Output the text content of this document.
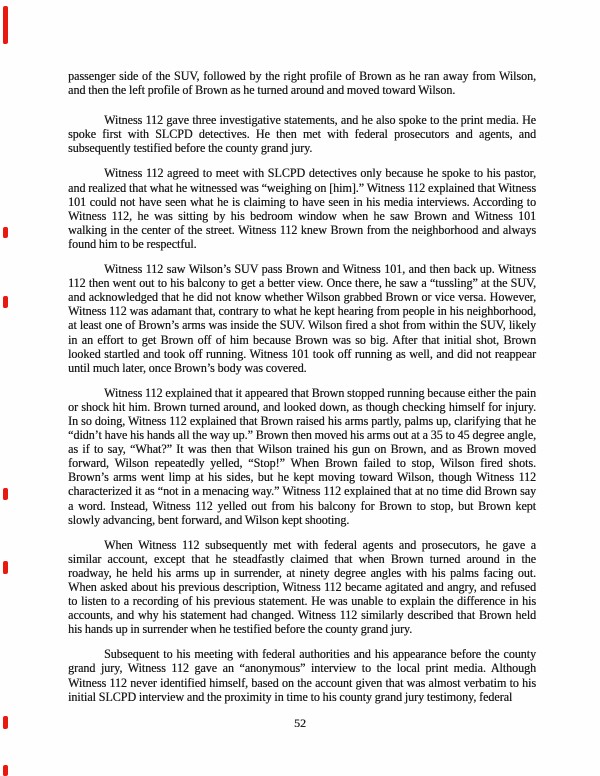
passenger side of the SUV, followed by the right profile of Brown as he ran away from Wilson, and then the left profile of Brown as he turned around and moved toward Wilson.

Witness 112 gave three investigative statements, and he also spoke to the print media. He spoke first with SLCPD detectives. He then met with federal prosecutors and agents, and subsequently testified before the county grand jury.

Witness 112 agreed to meet with SLCPD detectives only because he spoke to his pastor, and realized that what he witnessed was “weighing on [him].” Witness 112 explained that Witness 101 could not have seen what he is claiming to have seen in his media interviews. According to Witness 112, he was sitting by his bedroom window when he saw Brown and Witness 101 walking in the center of the street. Witness 112 knew Brown from the neighborhood and always found him to be respectful.

Witness 112 saw Wilson’s SUV pass Brown and Witness 101, and then back up. Witness 112 then went out to his balcony to get a better view. Once there, he saw a “tussling” at the SUV, and acknowledged that he did not know whether Wilson grabbed Brown or vice versa. However, Witness 112 was adamant that, contrary to what he kept hearing from people in his neighborhood, at least one of Brown’s arms was inside the SUV. Wilson fired a shot from within the SUV, likely in an effort to get Brown off of him because Brown was so big. After that initial shot, Brown looked startled and took off running. Witness 101 took off running as well, and did not reappear until much later, once Brown’s body was covered.

Witness 112 explained that it appeared that Brown stopped running because either the pain or shock hit him. Brown turned around, and looked down, as though checking himself for injury. In so doing, Witness 112 explained that Brown raised his arms partly, palms up, clarifying that he “didn’t have his hands all the way up.” Brown then moved his arms out at a 35 to 45 degree angle, as if to say, “What?” It was then that Wilson trained his gun on Brown, and as Brown moved forward, Wilson repeatedly yelled, “Stop!” When Brown failed to stop, Wilson fired shots. Brown’s arms went limp at his sides, but he kept moving toward Wilson, though Witness 112 characterized it as “not in a menacing way.” Witness 112 explained that at no time did Brown say a word. Instead, Witness 112 yelled out from his balcony for Brown to stop, but Brown kept slowly advancing, bent forward, and Wilson kept shooting.

When Witness 112 subsequently met with federal agents and prosecutors, he gave a similar account, except that he steadfastly claimed that when Brown turned around in the roadway, he held his arms up in surrender, at ninety degree angles with his palms facing out. When asked about his previous description, Witness 112 became agitated and angry, and refused to listen to a recording of his previous statement. He was unable to explain the difference in his accounts, and why his statement had changed. Witness 112 similarly described that Brown held his hands up in surrender when he testified before the county grand jury.

Subsequent to his meeting with federal authorities and his appearance before the county grand jury, Witness 112 gave an “anonymous” interview to the local print media. Although Witness 112 never identified himself, based on the account given that was almost verbatim to his initial SLCPD interview and the proximity in time to his county grand jury testimony, federal

52
